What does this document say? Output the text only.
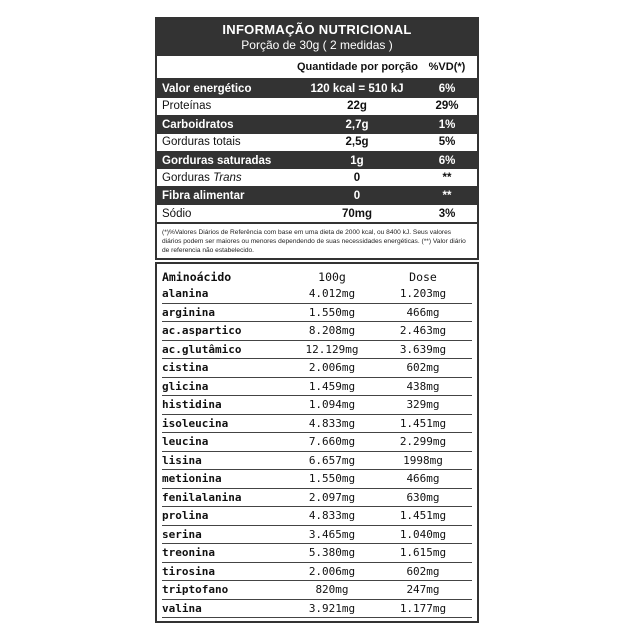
INFORMAÇÃO NUTRICIONAL
Porção de 30g ( 2 medidas )
Quantidade por porção %VD(*)
Valor energético	120 kcal = 510 kJ	6%
Proteínas	22g	29%
Carboidratos	2,7g	1%
Gorduras totais	2,5g	5%
Gorduras saturadas	1g	6%
Gorduras Trans	0	**
Fibra alimentar	0	**
Sódio	70mg	3%
(*)%Valores Diários de Referência com base em uma dieta de 2000 kcal, ou 8400 kJ. Seus valores diários podem ser maiores ou menores dependendo de suas necessidades energéticas. (**) Valor diário de referencia não estabelecido.
Aminoácido	100g	Dose
alanina	4.012mg	1.203mg
arginina	1.550mg	466mg
ac.aspartico	8.208mg	2.463mg
ac.glutâmico	12.129mg	3.639mg
cistina	2.006mg	602mg
glicina	1.459mg	438mg
histidina	1.094mg	329mg
isoleucina	4.833mg	1.451mg
leucina	7.660mg	2.299mg
lisina	6.657mg	1998mg
metionina	1.550mg	466mg
fenilalanina	2.097mg	630mg
prolina	4.833mg	1.451mg
serina	3.465mg	1.040mg
treonina	5.380mg	1.615mg
tirosina	2.006mg	602mg
triptofano	820mg	247mg
valina	3.921mg	1.177mg
